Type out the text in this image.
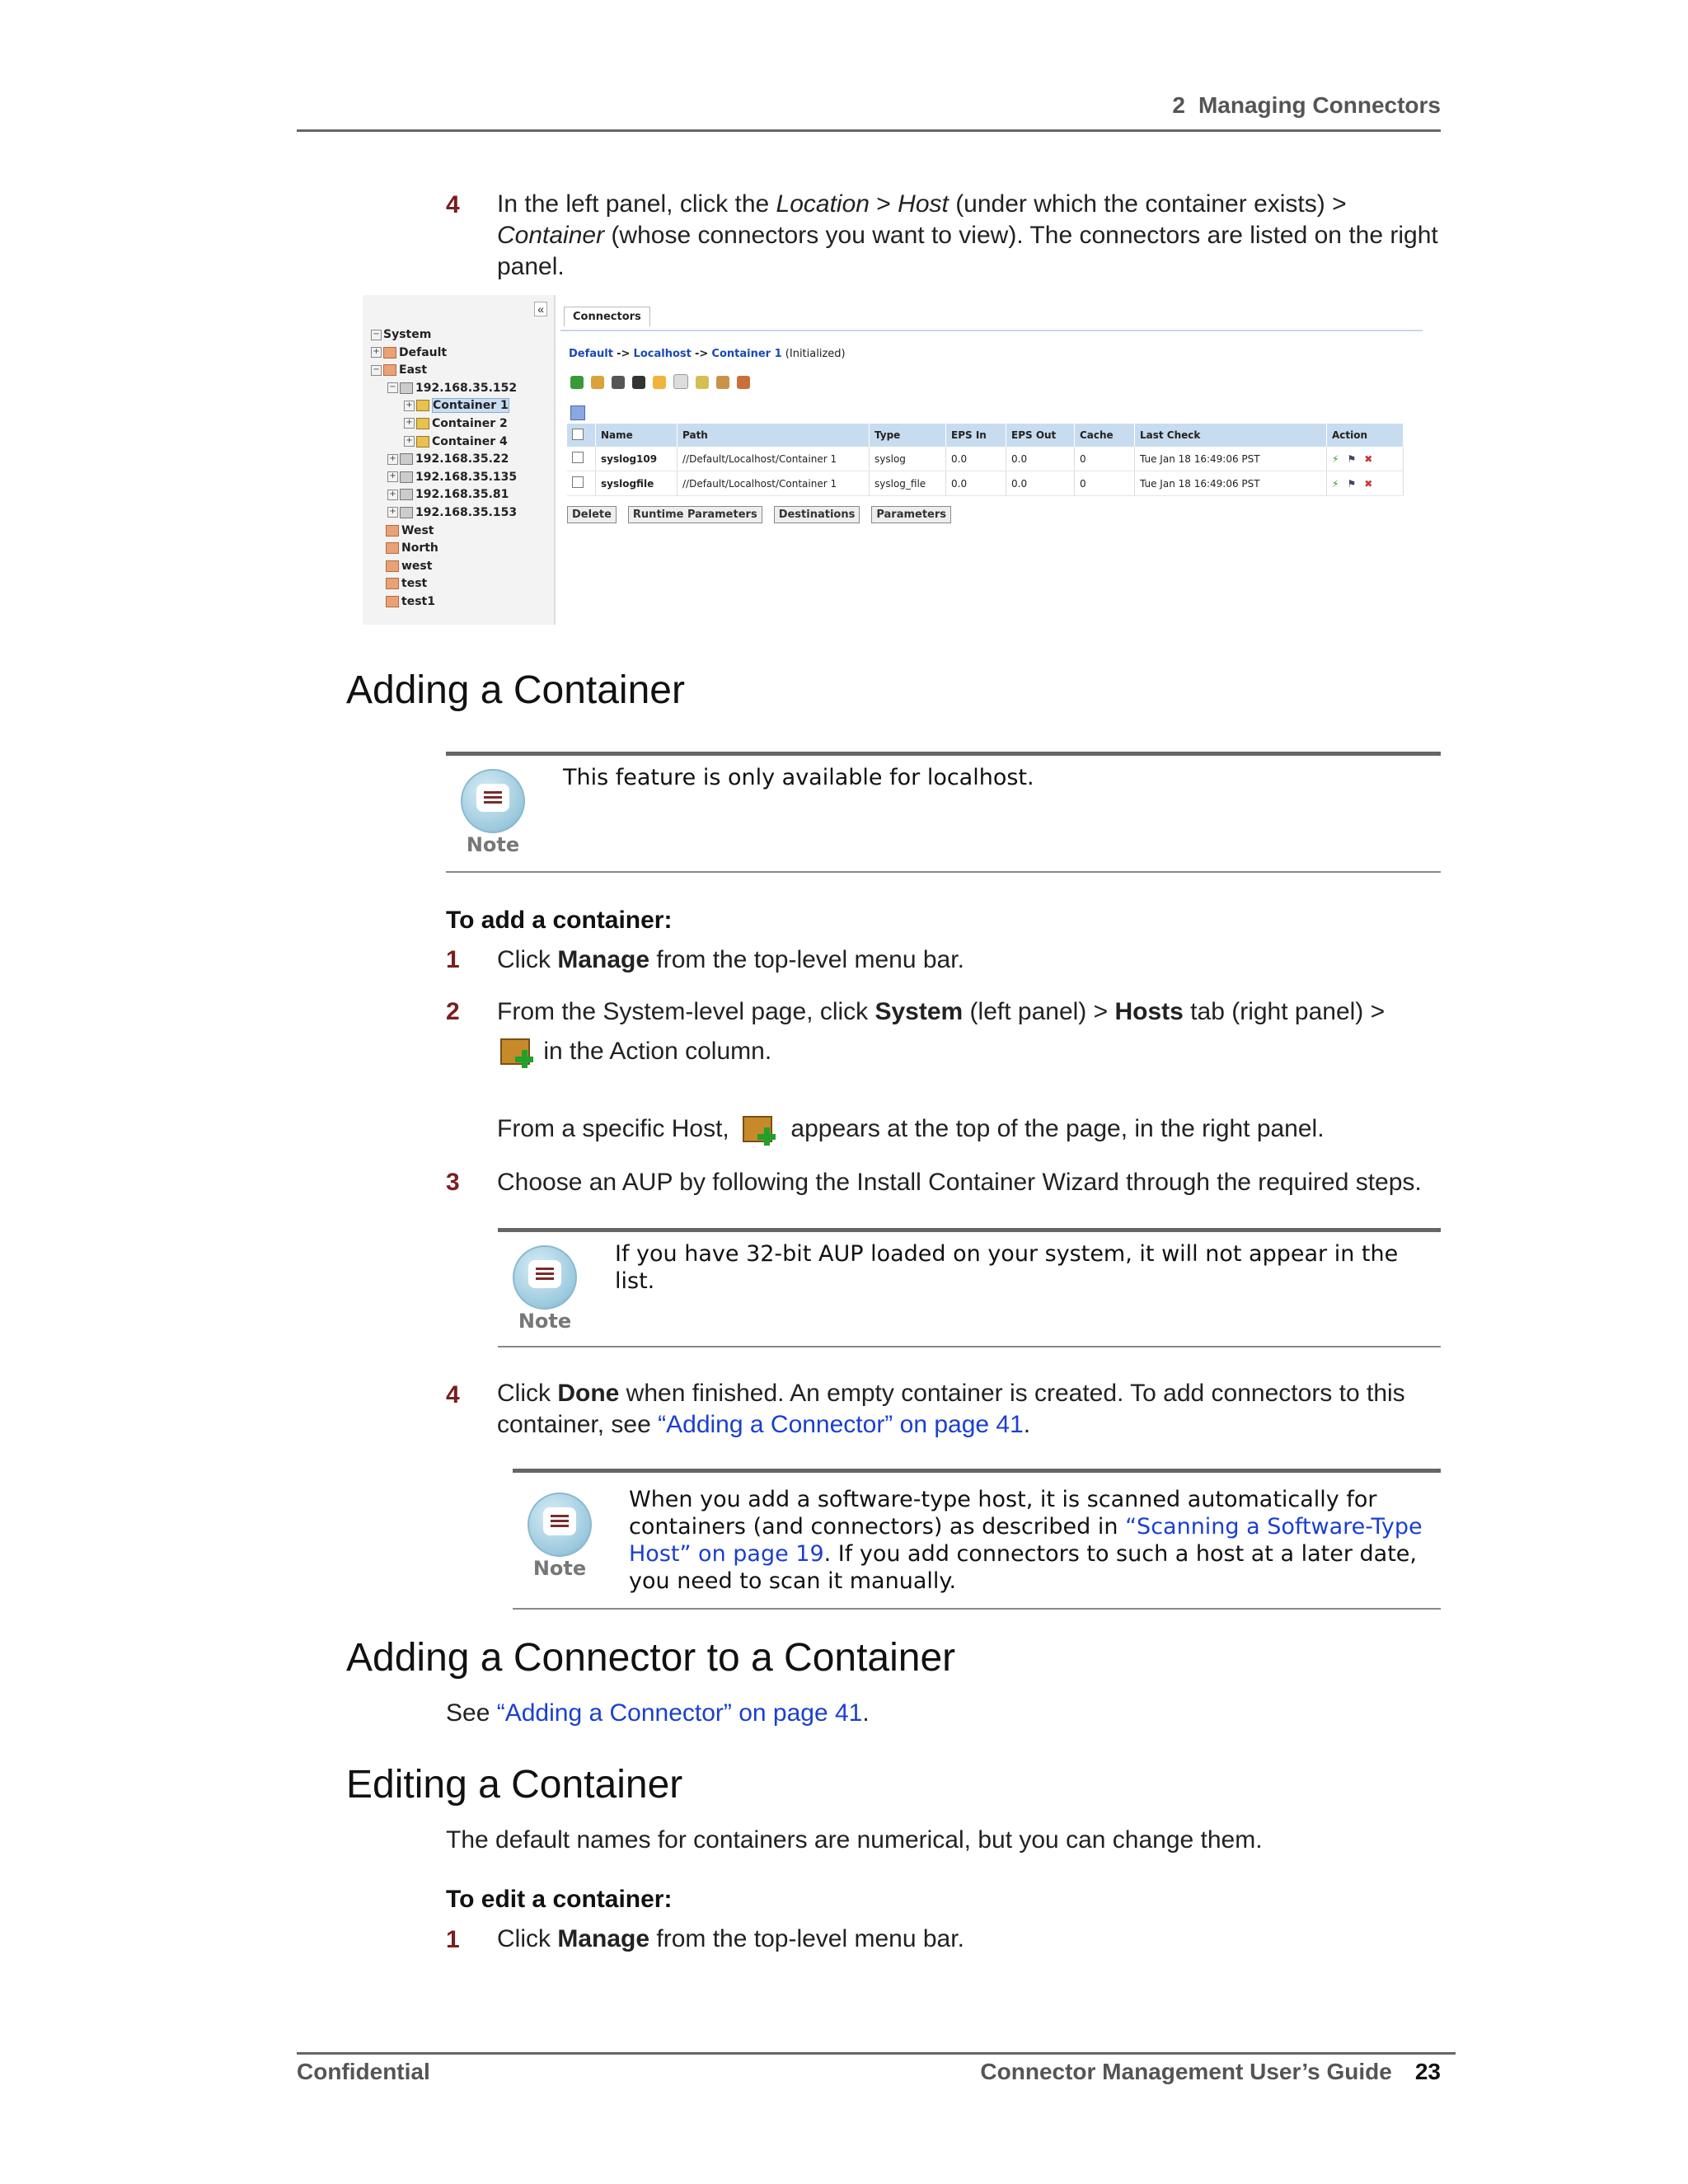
2 Managing Connectors
4 In the left panel, click the Location > Host (under which the container exists) >
Container (whose connectors you want to view). The connectors are listed on the right
panel.
«
− System
+ Default
− East
− 192.168.35.152
+ Container 1
+ Container 2
+ Container 4
+ 192.168.35.22
+ 192.168.35.135
+ 192.168.35.81
+ 192.168.35.153
West
North
west
test
test1
Connectors
Default -> Localhost -> Container 1 (Initialized)
	Name	Path	Type	EPS In	EPS Out	Cache	Last Check	Action
	syslog109	//Default/Localhost/Container 1	syslog	0.0	0.0	0	Tue Jan 18 16:49:06 PST	⚡ ⚑ ✖
	syslogfile	//Default/Localhost/Container 1	syslog_file	0.0	0.0	0	Tue Jan 18 16:49:06 PST	⚡ ⚑ ✖
Delete Runtime Parameters Destinations Parameters
Adding a Container
Note
This feature is only available for localhost.
To add a container:
1 Click Manage from the top-level menu bar.
2 From the System-level page, click System (left panel) > Hosts tab (right panel) >
in the Action column.
From a specific Host,
appears at the top of the page, in the right panel.
3 Choose an AUP by following the Install Container Wizard through the required steps.
Note
If you have 32-bit AUP loaded on your system, it will not appear in the
list.
4 Click Done when finished. An empty container is created. To add connectors to this
container, see “Adding a Connector” on page 41.
Note
When you add a software-type host, it is scanned automatically for
containers (and connectors) as described in “Scanning a Software-Type
Host” on page 19. If you add connectors to such a host at a later date,
you need to scan it manually.
Adding a Connector to a Container
See “Adding a Connector” on page 41.
Editing a Container
The default names for containers are numerical, but you can change them.
To edit a container:
1 Click Manage from the top-level menu bar.
Confidential	Connector Management User’s Guide 23
